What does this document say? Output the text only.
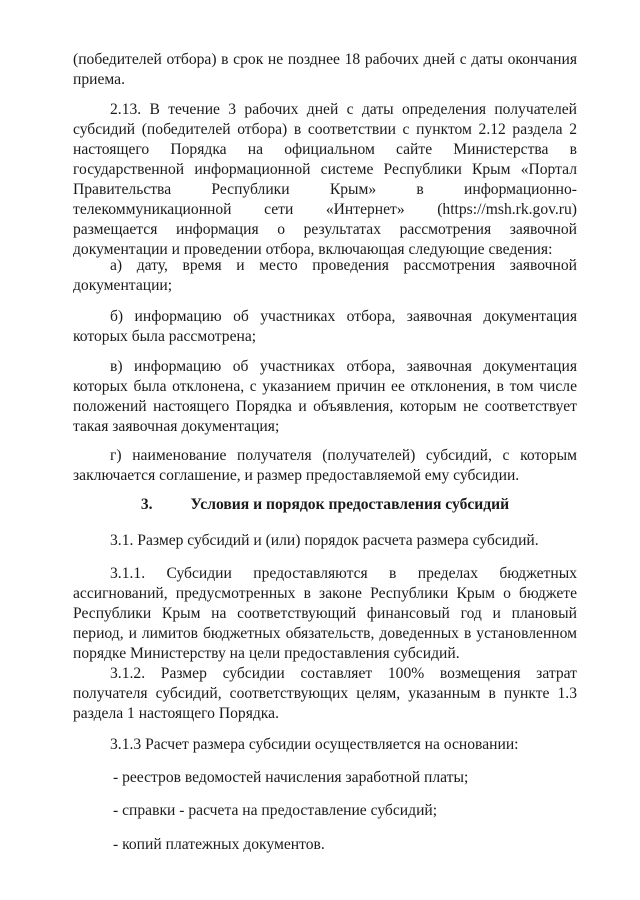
(победителей отбора) в срок не позднее 18 рабочих дней с даты окончания приема.

2.13. В течение 3 рабочих дней с даты определения получателей субсидий (победителей отбора) в соответствии с пунктом 2.12 раздела 2 настоящего Порядка на официальном сайте Министерства в государственной информационной системе Республики Крым «Портал Правительства Республики Крым» в информационно-телекоммуникационной сети «Интернет» (https://msh.rk.gov.ru) размещается информация о результатах рассмотрения заявочной документации и проведении отбора, включающая следующие сведения:

а) дату, время и место проведения рассмотрения заявочной документации;

б) информацию об участниках отбора, заявочная документация которых была рассмотрена;

в) информацию об участниках отбора, заявочная документация которых была отклонена, с указанием причин ее отклонения, в том числе положений настоящего Порядка и объявления, которым не соответствует такая заявочная документация;

г) наименование получателя (получателей) субсидий, с которым заключается соглашение, и размер предоставляемой ему субсидии.

3. Условия и порядок предоставления субсидий

3.1. Размер субсидий и (или) порядок расчета размера субсидий.

3.1.1. Субсидии предоставляются в пределах бюджетных ассигнований, предусмотренных в законе Республики Крым о бюджете Республики Крым на соответствующий финансовый год и плановый период, и лимитов бюджетных обязательств, доведенных в установленном порядке Министерству на цели предоставления субсидий.

3.1.2. Размер субсидии составляет 100% возмещения затрат получателя субсидий, соответствующих целям, указанным в пункте 1.3 раздела 1 настоящего Порядка.

3.1.3 Расчет размера субсидии осуществляется на основании:

- реестров ведомостей начисления заработной платы;

- справки - расчета на предоставление субсидий;

- копий платежных документов.
